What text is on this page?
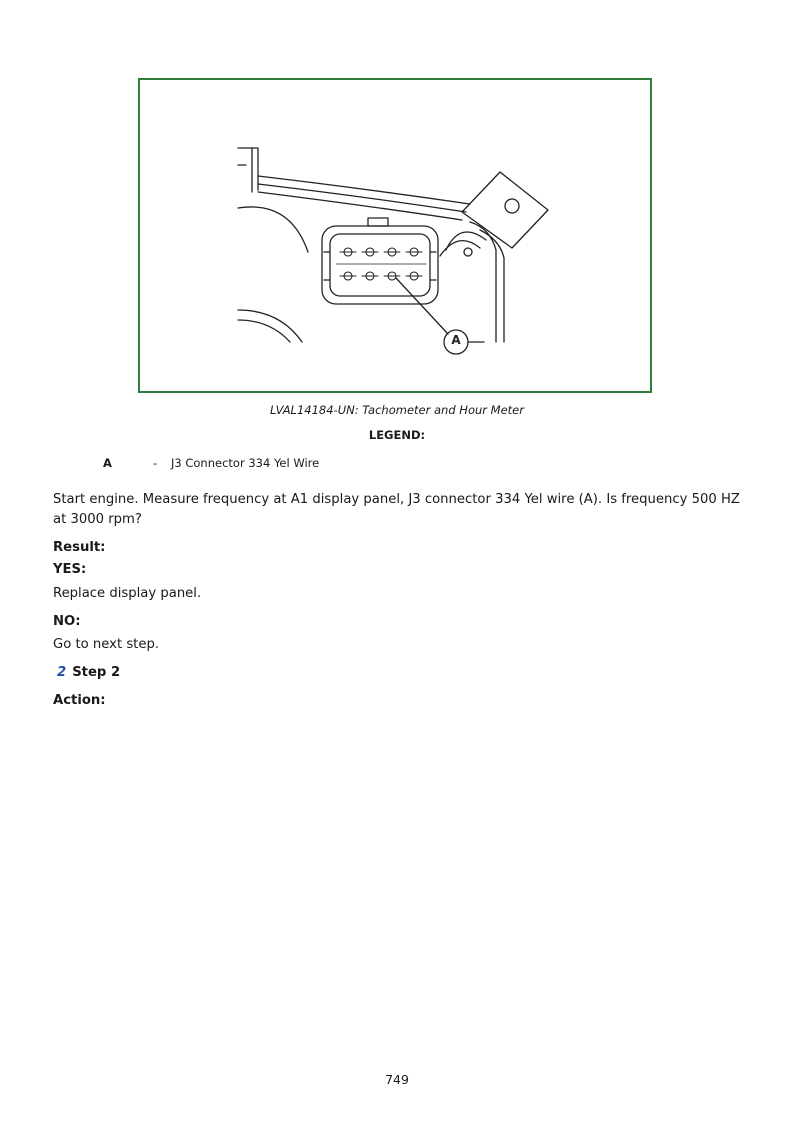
A
LVAL14184-UN: Tachometer and Hour Meter
LEGEND:
A	- J3 Connector 334 Yel Wire
Start engine. Measure frequency at A1 display panel, J3 connector 334 Yel wire (A). Is frequency 500 HZ at 3000 rpm?
Result:
YES:
Replace display panel.
NO:
Go to next step.
2 Step 2
Action:
749
